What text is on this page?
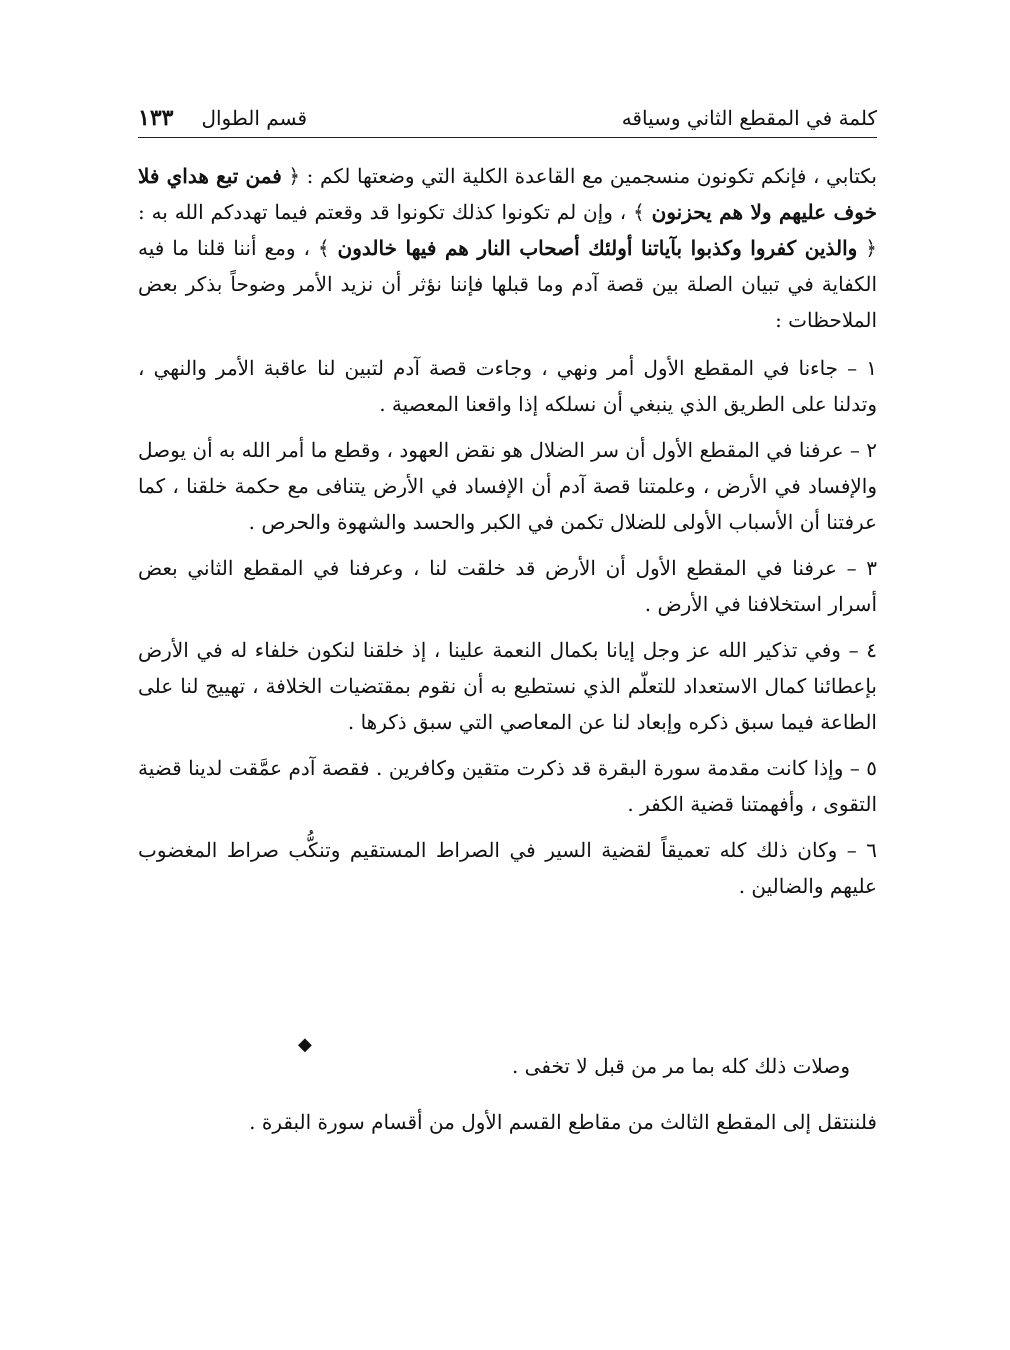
كلمة في المقطع الثاني وسياقه
قسم الطوال
١٣٣

بكتابي ، فإنكم تكونون منسجمين مع القاعدة الكلية التي وضعتها لكم : ﴿ فمن تبع هداي فلا خوف عليهم ولا هم يحزنون ﴾ ، وإن لم تكونوا كذلك تكونوا قد وقعتم فيما تهددكم الله به : ﴿ والذين كفروا وكذبوا بآياتنا أولئك أصحاب النار هم فيها خالدون ﴾ ، ومع أننا قلنا ما فيه الكفاية في تبيان الصلة بين قصة آدم وما قبلها فإننا نؤثر أن نزيد الأمر وضوحاً بذكر بعض الملاحظات :

١ – جاءنا في المقطع الأول أمر ونهي ، وجاءت قصة آدم لتبين لنا عاقبة الأمر والنهي ، وتدلنا على الطريق الذي ينبغي أن نسلكه إذا واقعنا المعصية .

٢ – عرفنا في المقطع الأول أن سر الضلال هو نقض العهود ، وقطع ما أمر الله به أن يوصل والإفساد في الأرض ، وعلمتنا قصة آدم أن الإفساد في الأرض يتنافى مع حكمة خلقنا ، كما عرفتنا أن الأسباب الأولى للضلال تكمن في الكبر والحسد والشهوة والحرص .

٣ – عرفنا في المقطع الأول أن الأرض قد خلقت لنا ، وعرفنا في المقطع الثاني بعض أسرار استخلافنا في الأرض .

٤ – وفي تذكير الله عز وجل إيانا بكمال النعمة علينا ، إذ خلقنا لنكون خلفاء له في الأرض بإعطائنا كمال الاستعداد للتعلّم الذي نستطيع به أن نقوم بمقتضيات الخلافة ، تهييج لنا على الطاعة فيما سبق ذكره وإبعاد لنا عن المعاصي التي سبق ذكرها .

٥ – وإذا كانت مقدمة سورة البقرة قد ذكرت متقين وكافرين . فقصة آدم عمَّقت لدينا قضية التقوى ، وأفهمتنا قضية الكفر .

٦ – وكان ذلك كله تعميقاً لقضية السير في الصراط المستقيم وتنكُّب صراط المغضوب عليهم والضالين .

◆
وصلات ذلك كله بما مر من قبل لا تخفى .
فلننتقل إلى المقطع الثالث من مقاطع القسم الأول من أقسام سورة البقرة .
